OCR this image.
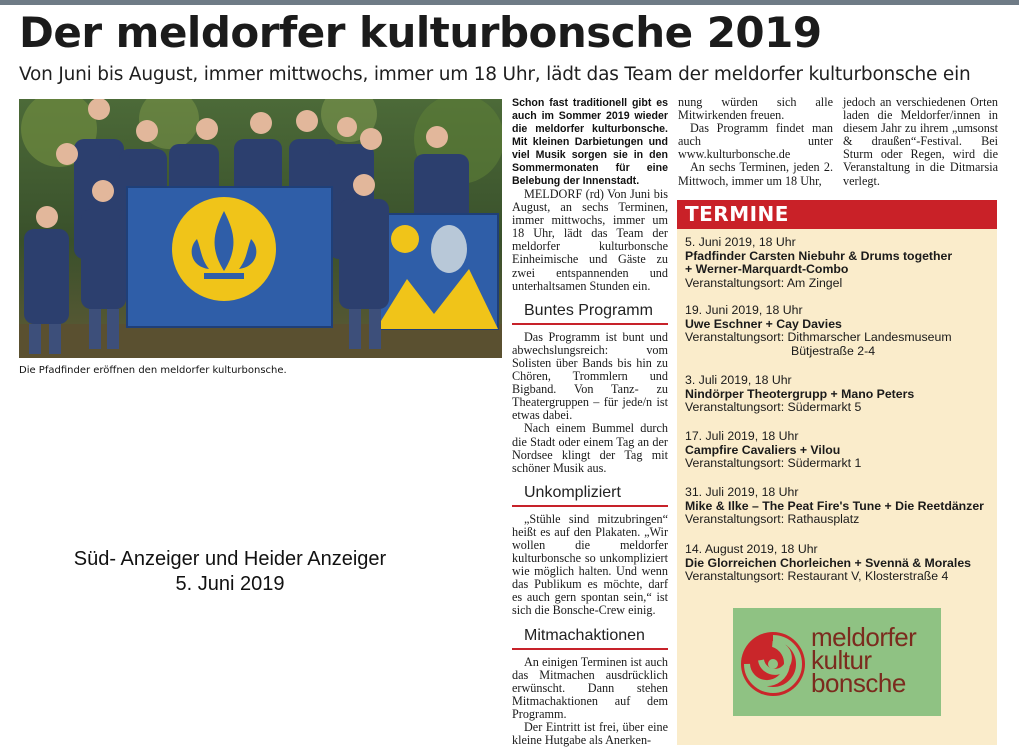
Der meldorfer kulturbonsche 2019
Von Juni bis August, immer mittwochs, immer um 18 Uhr, lädt das Team der meldorfer kulturbonsche ein
Die Pfadfinder eröffnen den meldorfer kulturbonsche.
Süd- Anzeiger und Heider Anzeiger
5. Juni 2019

Schon fast traditionell gibt es auch im Sommer 2019 wieder die meldorfer kulturbonsche. Mit kleinen Darbietungen und viel Musik sorgen sie in den Sommermonaten für eine Belebung der Innenstadt.

MELDORF (rd) Von Juni bis August, an sechs Terminen, immer mittwochs, immer um 18 Uhr, lädt das Team der meldorfer kulturbonsche Einheimische und Gäste zu zwei entspannenden und unterhaltsamen Stunden ein.

Buntes Programm

Das Programm ist bunt und abwechslungsreich: vom Solisten über Bands bis hin zu Chören, Trommlern und Bigband. Von Tanz- zu Theatergruppen – für jede/n ist etwas dabei.

Nach einem Bummel durch die Stadt oder einem Tag an der Nordsee klingt der Tag mit schöner Musik aus.

Unkompliziert

„Stühle sind mitzubringen“ heißt es auf den Plakaten. „Wir wollen die meldorfer kulturbonsche so unkompliziert wie möglich halten. Und wenn das Publikum es möchte, darf es auch gern spontan sein,“ ist sich die Bonsche-Crew einig.

Mitmachaktionen

An einigen Terminen ist auch das Mitmachen ausdrücklich erwünscht. Dann stehen Mitmachaktionen auf dem Programm.

Der Eintritt ist frei, über eine kleine Hutgabe als Anerken-

nung würden sich alle Mitwirkenden freuen.

Das Programm findet man auch unter www.kulturbonsche.de

An sechs Terminen, jeden 2. Mittwoch, immer um 18 Uhr,

jedoch an verschiedenen Orten laden die Meldorfer/innen in diesem Jahr zu ihrem „umsonst & draußen“-Festival. Bei Sturm oder Regen, wird die Veranstaltung in die Ditmarsia verlegt.

TERMINE
5. Juni 2019, 18 Uhr
Pfadfinder Carsten Niebuhr & Drums together
+ Werner-Marquardt-Combo
Veranstaltungsort: Am Zingel
19. Juni 2019, 18 Uhr
Uwe Eschner + Cay Davies
Veranstaltungsort: Dithmarscher Landesmuseum
Bütjestraße 2-4
3. Juli 2019, 18 Uhr
Nindörper Theotergrupp + Mano Peters
Veranstaltungsort: Südermarkt 5
17. Juli 2019, 18 Uhr
Campfire Cavaliers + Vilou
Veranstaltungsort: Südermarkt 1
31. Juli 2019, 18 Uhr
Mike & Ilke – The Peat Fire's Tune + Die Reetdänzer
Veranstaltungsort: Rathausplatz
14. August 2019, 18 Uhr
Die Glorreichen Chorleichen + Svennä & Morales
Veranstaltungsort: Restaurant V, Klosterstraße 4
meldorfer
kultur
bonsche
